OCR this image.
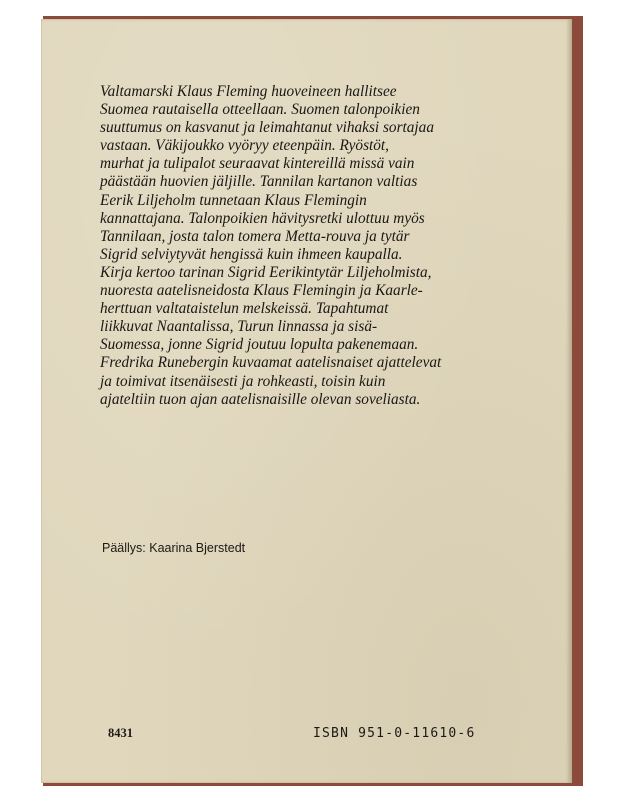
Valtamarski Klaus Fleming huoveineen hallitsee
Suomea rautaisella otteellaan. Suomen talonpoikien
suuttumus on kasvanut ja leimahtanut vihaksi sortajaa
vastaan. Väkijoukko vyöryy eteenpäin. Ryöstöt,
murhat ja tulipalot seuraavat kintereillä missä vain
päästään huovien jäljille. Tannilan kartanon valtias
Eerik Liljeholm tunnetaan Klaus Flemingin
kannattajana. Talonpoikien hävitysretki ulottuu myös
Tannilaan, josta talon tomera Metta-rouva ja tytär
Sigrid selviytyvät hengissä kuin ihmeen kaupalla.
Kirja kertoo tarinan Sigrid Eerikintytär Liljeholmista,
nuoresta aatelisneidosta Klaus Flemingin ja Kaarle-
herttuan valtataistelun melskeissä. Tapahtumat
liikkuvat Naantalissa, Turun linnassa ja sisä-
Suomessa, jonne Sigrid joutuu lopulta pakenemaan.
Fredrika Runebergin kuvaamat aatelisnaiset ajattelevat
ja toimivat itsenäisesti ja rohkeasti, toisin kuin
ajateltiin tuon ajan aatelisnaisille olevan soveliasta.

Päällys: Kaarina Bjerstedt

8431	ISBN 951-0-11610-6
